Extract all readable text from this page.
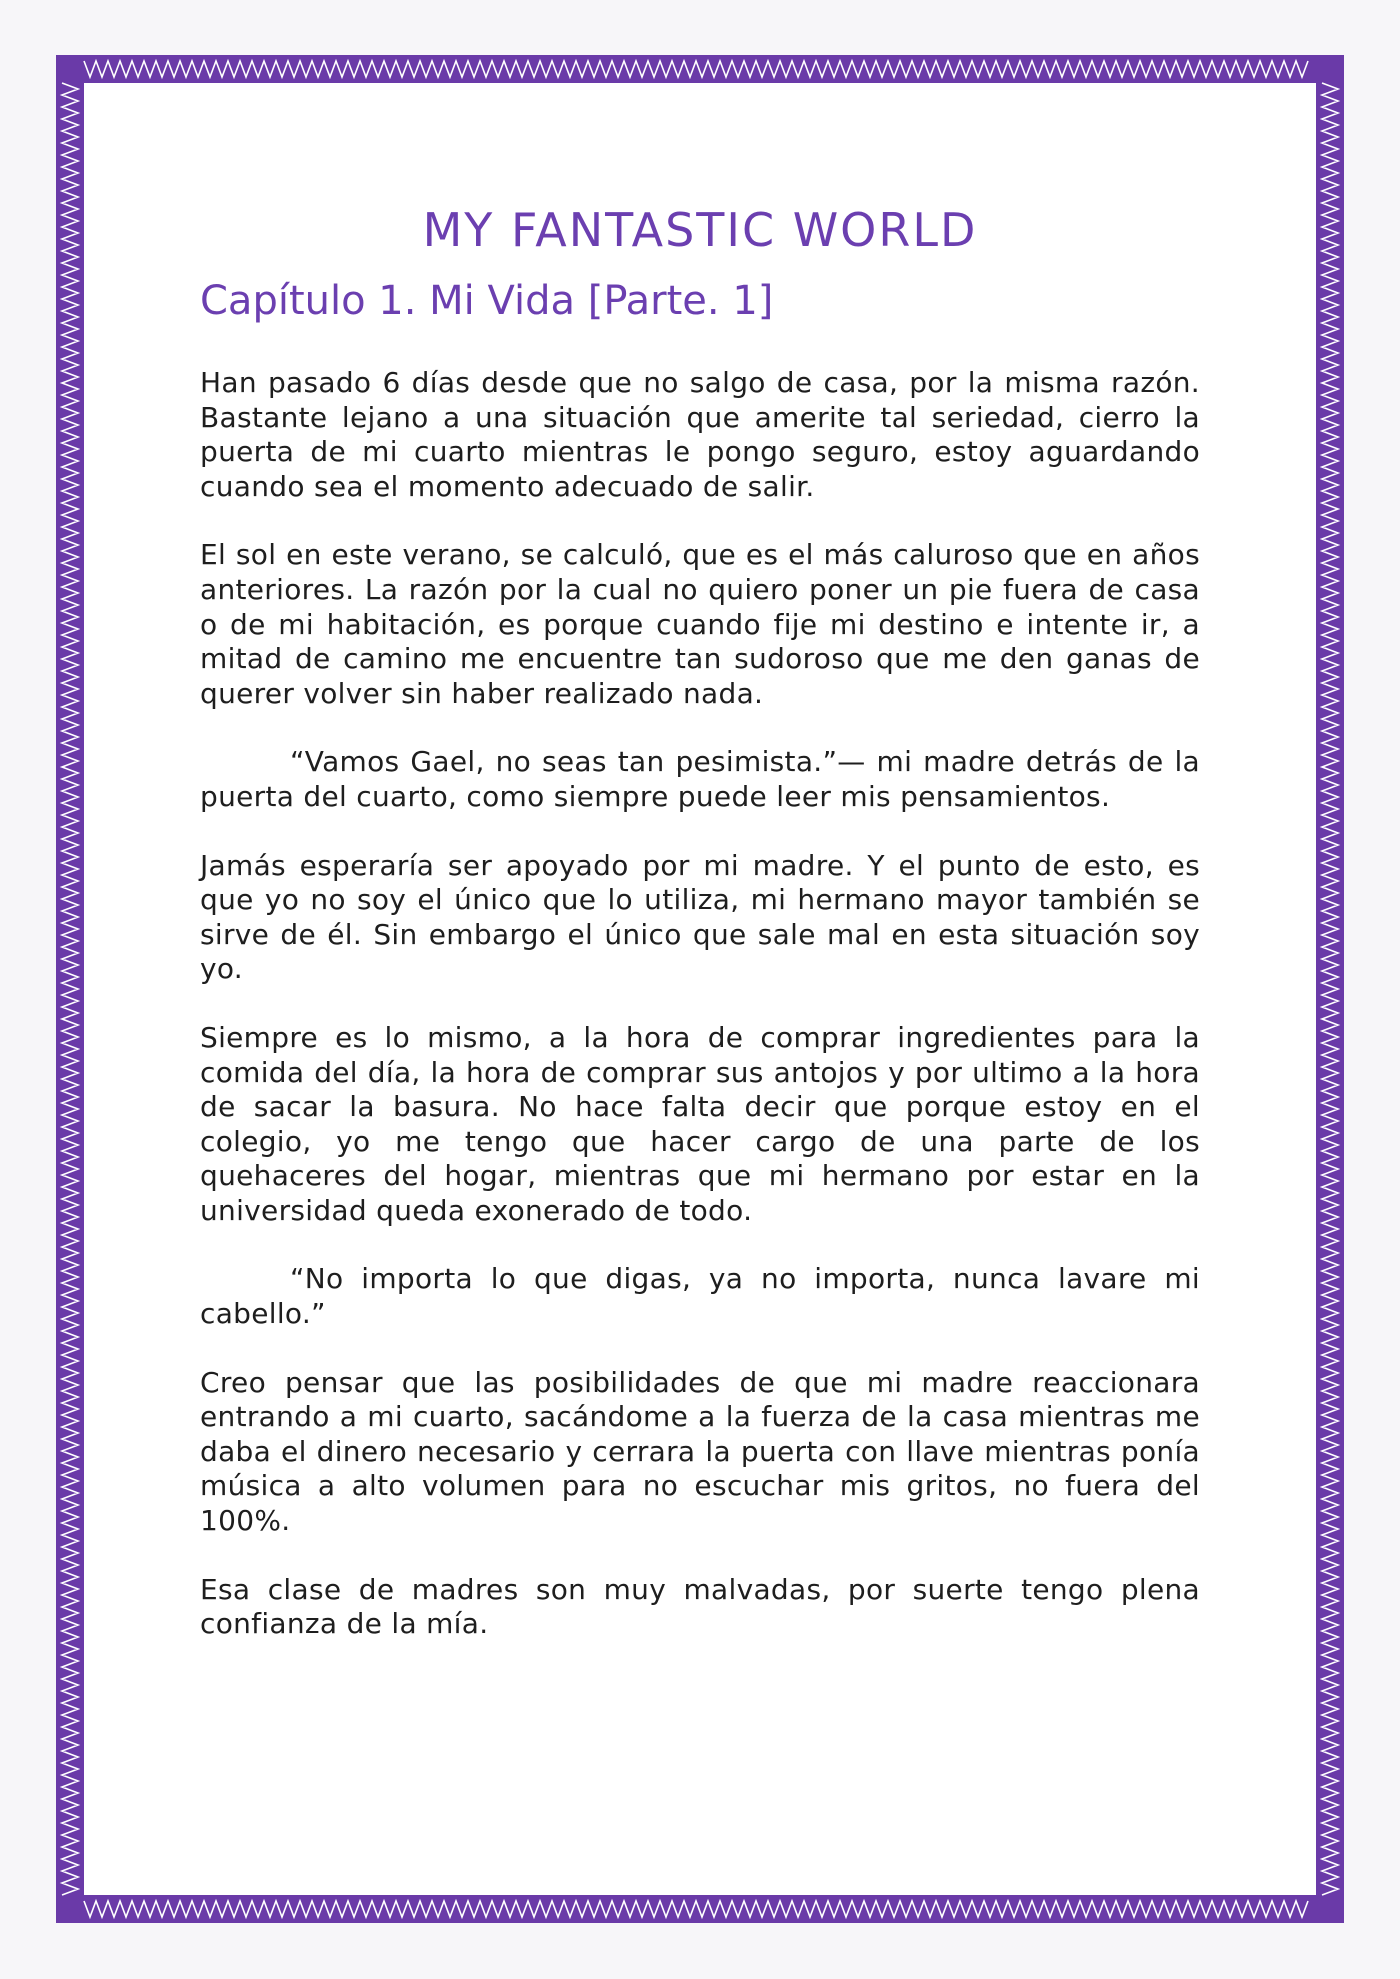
MY FANTASTIC WORLD
Capítulo 1. Mi Vida [Parte. 1]

Han pasado 6 días desde que no salgo de casa, por la misma razón. Bastante lejano a una situación que amerite tal seriedad, cierro la puerta de mi cuarto mientras le pongo seguro, estoy aguardando cuando sea el momento adecuado de salir.

El sol en este verano, se calculó, que es el más caluroso que en años anteriores. La razón por la cual no quiero poner un pie fuera de casa o de mi habitación, es porque cuando fije mi destino e intente ir, a mitad de camino me encuentre tan sudoroso que me den ganas de querer volver sin haber realizado nada.

“Vamos Gael, no seas tan pesimista.”— mi madre detrás de la puerta del cuarto, como siempre puede leer mis pensamientos.

Jamás esperaría ser apoyado por mi madre. Y el punto de esto, es que yo no soy el único que lo utiliza, mi hermano mayor también se sirve de él. Sin embargo el único que sale mal en esta situación soy yo.

Siempre es lo mismo, a la hora de comprar ingredientes para la comida del día, la hora de comprar sus antojos y por ultimo a la hora de sacar la basura. No hace falta decir que porque estoy en el colegio, yo me tengo que hacer cargo de una parte de los quehaceres del hogar, mientras que mi hermano por estar en la universidad queda exonerado de todo.

“No importa lo que digas, ya no importa, nunca lavare mi cabello.”

Creo pensar que las posibilidades de que mi madre reaccionara entrando a mi cuarto, sacándome a la fuerza de la casa mientras me daba el dinero necesario y cerrara la puerta con llave mientras ponía música a alto volumen para no escuchar mis gritos, no fuera del 100%.

Esa clase de madres son muy malvadas, por suerte tengo plena confianza de la mía.
